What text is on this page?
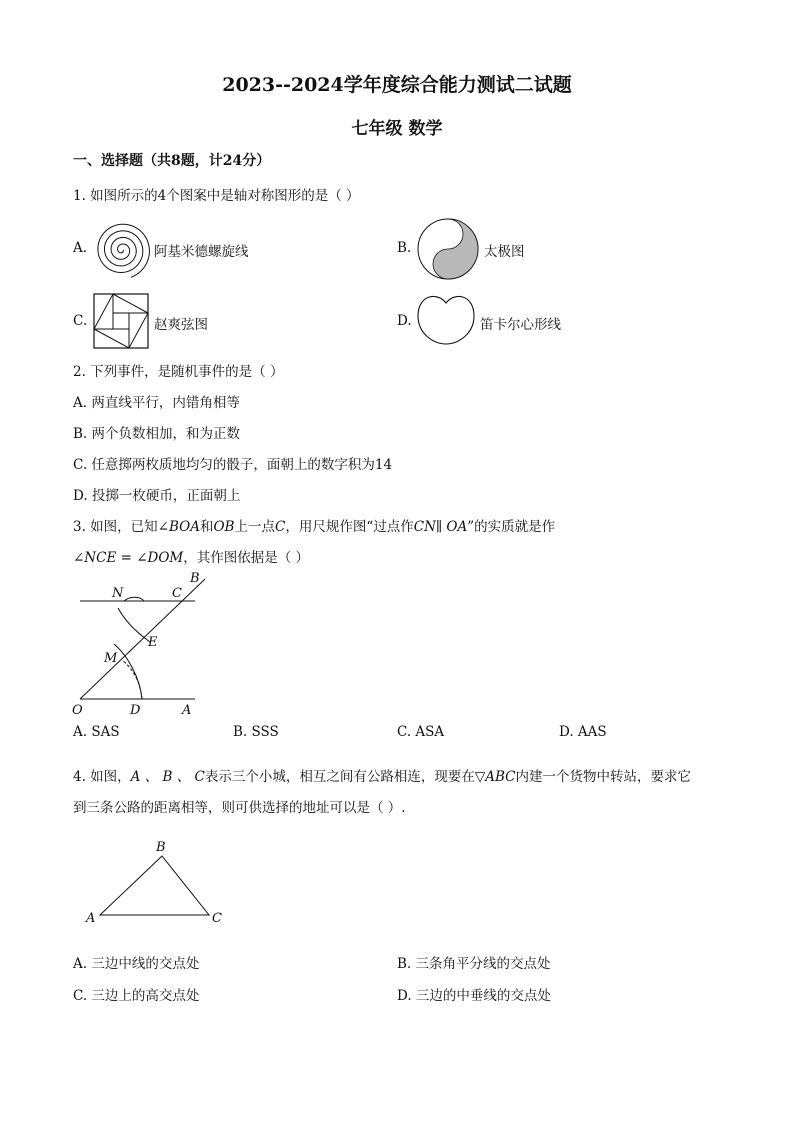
2023--2024学年度综合能力测试二试题
七年级 数学
一、选择题（共8题，计24分）
1. 如图所示的4个图案中是轴对称图形的是（ ）
A.	阿基米德螺旋线	B.	太极图
C.	赵爽弦图	D.	笛卡尔心形线
2. 下列事件，是随机事件的是（ ）
A. 两直线平行，内错角相等
B. 两个负数相加，和为正数
C. 任意掷两枚质地均匀的骰子，面朝上的数字积为14
D. 投掷一枚硬币，正面朝上
3. 如图，已知∠BOA和OB上一点C，用尺规作图“过点作CN∥ OA”的实质就是作
∠NCE = ∠DOM，其作图依据是（ ）
B
N	C
E
M
O	D	A
A. SAS	B. SSS	C. ASA	D. AAS
4. 如图，A 、 B 、 C表示三个小城，相互之间有公路相连，现要在▽ABC内建一个货物中转站，要求它
到三条公路的距离相等，则可供选择的地址可以是（ ）.
B
A	C
A. 三边中线的交点处	B. 三条角平分线的交点处
C. 三边上的高交点处	D. 三边的中垂线的交点处
